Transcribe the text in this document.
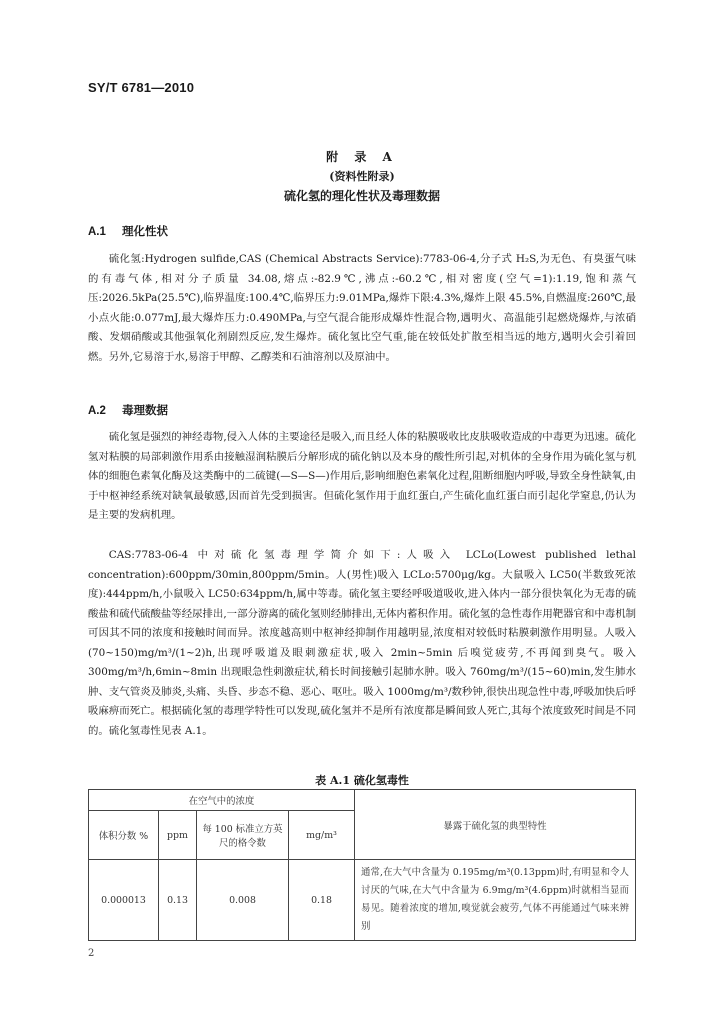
SY/T 6781—2010
附 录 A
(资料性附录)
硫化氢的理化性状及毒理数据
A.1 理化性状
硫化氢:Hydrogen sulfide,CAS (Chemical Abstracts Service):7783-06-4,分子式 H₂S,为无色、有臭蛋气味的有毒气体,相对分子质量 34.08,熔点:-82.9℃,沸点:-60.2℃,相对密度(空气=1):1.19,饱和蒸气压:2026.5kPa(25.5℃),临界温度:100.4℃,临界压力:9.01MPa,爆炸下限:4.3%,爆炸上限 45.5%,自燃温度:260℃,最小点火能:0.077mJ,最大爆炸压力:0.490MPa,与空气混合能形成爆炸性混合物,遇明火、高温能引起燃烧爆炸,与浓硝酸、发烟硝酸或其他强氧化剂剧烈反应,发生爆炸。硫化氢比空气重,能在较低处扩散至相当远的地方,遇明火会引着回燃。另外,它易溶于水,易溶于甲醇、乙醇类和石油溶剂以及原油中。
A.2 毒理数据
硫化氢是强烈的神经毒物,侵入人体的主要途径是吸入,而且经人体的粘膜吸收比皮肤吸收造成的中毒更为迅速。硫化氢对粘膜的局部刺激作用系由接触湿润粘膜后分解形成的硫化钠以及本身的酸性所引起,对机体的全身作用为硫化氢与机体的细胞色素氧化酶及这类酶中的二硫键(—S—S—)作用后,影响细胞色素氧化过程,阻断细胞内呼吸,导致全身性缺氧,由于中枢神经系统对缺氧最敏感,因而首先受到损害。但硫化氢作用于血红蛋白,产生硫化血红蛋白而引起化学窒息,仍认为是主要的发病机理。
CAS:7783-06-4 中对硫化氢毒理学简介如下:人吸入 LCLo(Lowest published lethal concentration):600ppm/30min,800ppm/5min。人(男性)吸入 LCLo:5700μg/kg。大鼠吸入 LC50(半数致死浓度):444ppm/h,小鼠吸入 LC50:634ppm/h,属中等毒。硫化氢主要经呼吸道吸收,进入体内一部分很快氧化为无毒的硫酸盐和硫代硫酸盐等经尿排出,一部分游离的硫化氢则经肺排出,无体内蓄积作用。硫化氢的急性毒作用靶器官和中毒机制可因其不同的浓度和接触时间而异。浓度越高则中枢神经抑制作用越明显,浓度相对较低时粘膜刺激作用明显。人吸入(70~150)mg/m³/(1~2)h,出现呼吸道及眼刺激症状,吸入 2min~5min 后嗅觉疲劳,不再闻到臭气。吸入 300mg/m³/h,6min~8min 出现眼急性刺激症状,稍长时间接触引起肺水肿。吸入 760mg/m³/(15~60)min,发生肺水肿、支气管炎及肺炎,头痛、头昏、步态不稳、恶心、呕吐。吸入 1000mg/m³/数秒钟,很快出现急性中毒,呼吸加快后呼吸麻痹而死亡。根据硫化氢的毒理学特性可以发现,硫化氢并不是所有浓度都是瞬间致人死亡,其每个浓度致死时间是不同的。硫化氢毒性见表 A.1。
表 A.1 硫化氢毒性
在空气中的浓度				暴露于硫化氢的典型特性
体积分数 %	ppm	每 100 标准立方英尺的格令数	mg/m³	
0.000013	0.13	0.008	0.18	通常,在大气中含量为 0.195mg/m³(0.13ppm)时,有明显和令人讨厌的气味,在大气中含量为 6.9mg/m³(4.6ppm)时就相当显而易见。随着浓度的增加,嗅觉就会疲劳,气体不再能通过气味来辨别
2
